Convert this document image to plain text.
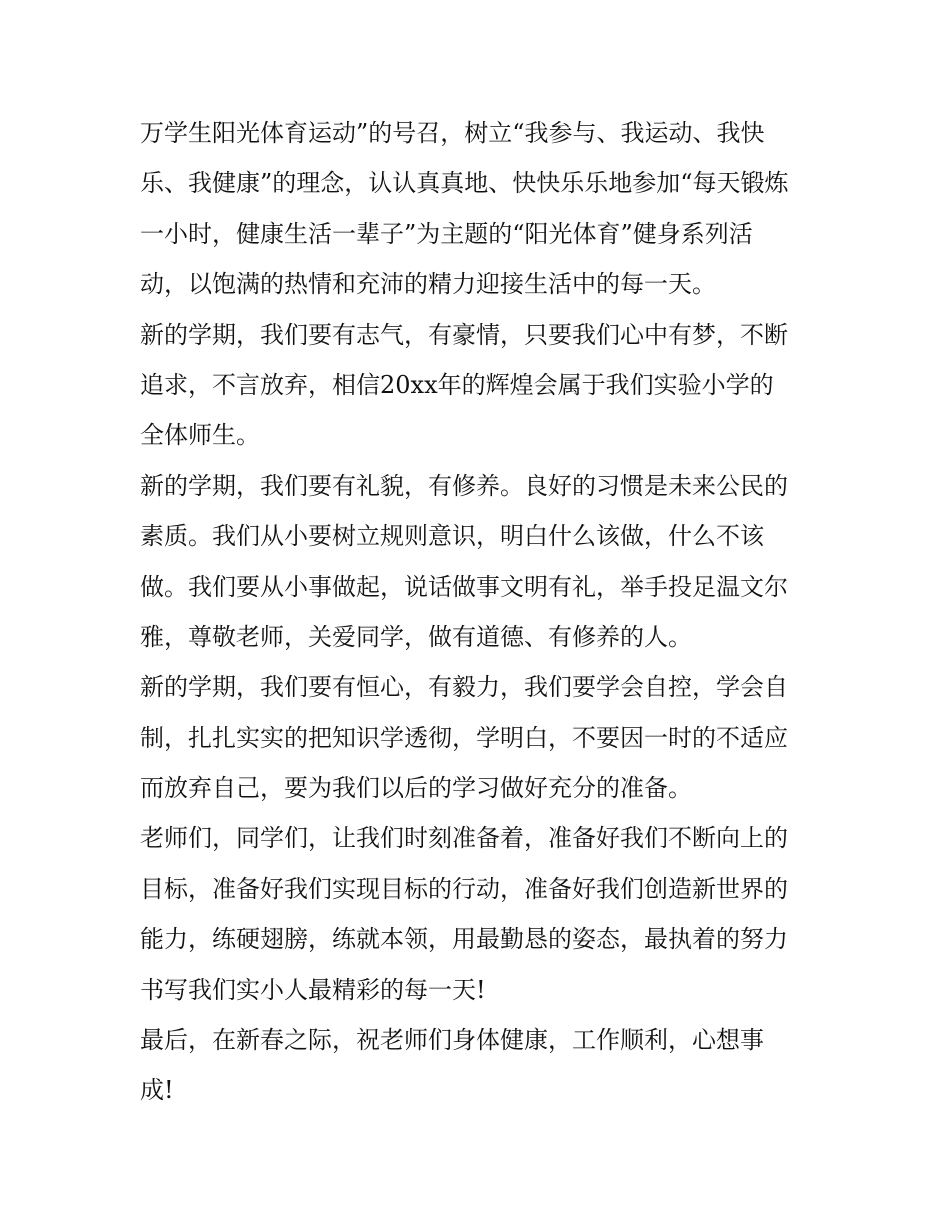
万学生阳光体育运动”的号召，树立“我参与、我运动、我快
乐、我健康”的理念，认认真真地、快快乐乐地参加“每天锻炼
一小时，健康生活一辈子”为主题的“阳光体育”健身系列活
动，以饱满的热情和充沛的精力迎接生活中的每一天。
新的学期，我们要有志气，有豪情，只要我们心中有梦，不断
追求，不言放弃，相信20xx年的辉煌会属于我们实验小学的
全体师生。
新的学期，我们要有礼貌，有修养。良好的习惯是未来公民的
素质。我们从小要树立规则意识，明白什么该做，什么不该
做。我们要从小事做起，说话做事文明有礼，举手投足温文尔
雅，尊敬老师，关爱同学，做有道德、有修养的人。
新的学期，我们要有恒心，有毅力，我们要学会自控，学会自
制，扎扎实实的把知识学透彻，学明白，不要因一时的不适应
而放弃自己，要为我们以后的学习做好充分的准备。
老师们，同学们，让我们时刻准备着，准备好我们不断向上的
目标，准备好我们实现目标的行动，准备好我们创造新世界的
能力，练硬翅膀，练就本领，用最勤恳的姿态，最执着的努力
书写我们实小人最精彩的每一天!
最后，在新春之际，祝老师们身体健康，工作顺利，心想事
成!
